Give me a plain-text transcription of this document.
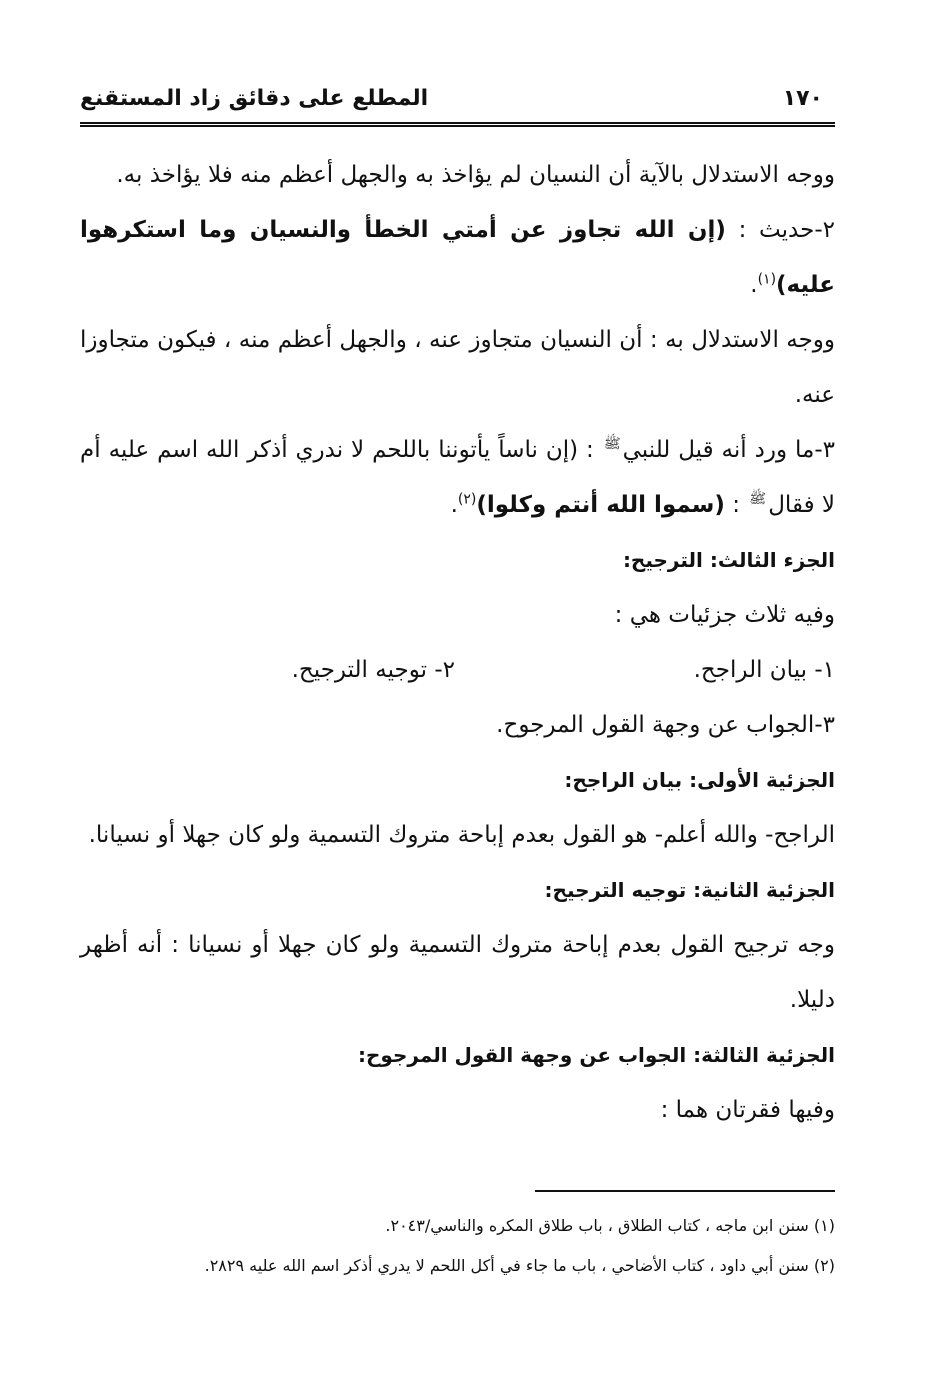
١٧٠
المطلع على دقائق زاد المستقنع

ووجه الاستدلال بالآية أن النسيان لم يؤاخذ به والجهل أعظم منه فلا يؤاخذ به.

٢-حديث : (إن الله تجاوز عن أمتي الخطأ والنسيان وما استكرهوا عليه)$^{(١)}$.

ووجه الاستدلال به : أن النسيان متجاوز عنه ، والجهل أعظم منه ، فيكون متجاوزا عنه.

٣-ما ورد أنه قيل للنبيﷺ : (إن ناساً يأتوننا باللحم لا ندري أذكر الله اسم عليه أم لا فقالﷺ : (سموا الله أنتم وكلوا)$^{(٢)}$.

الجزء الثالث: الترجيح:

وفيه ثلاث جزئيات هي :

١- بيان الراجح.
٢- توجيه الترجيح.

٣-الجواب عن وجهة القول المرجوح.

الجزئية الأولى: بيان الراجح:

الراجح- والله أعلم- هو القول بعدم إباحة متروك التسمية ولو كان جهلا أو نسيانا.

الجزئية الثانية: توجيه الترجيح:

وجه ترجيح القول بعدم إباحة متروك التسمية ولو كان جهلا أو نسيانا : أنه أظهر دليلا.

الجزئية الثالثة: الجواب عن وجهة القول المرجوح:

وفيها فقرتان هما :

(١) سنن ابن ماجه ، كتاب الطلاق ، باب طلاق المكره والناسي/٢٠٤٣.

(٢) سنن أبي داود ، كتاب الأضاحي ، باب ما جاء في أكل اللحم لا يدري أذكر اسم الله عليه ٢٨٢٩.
